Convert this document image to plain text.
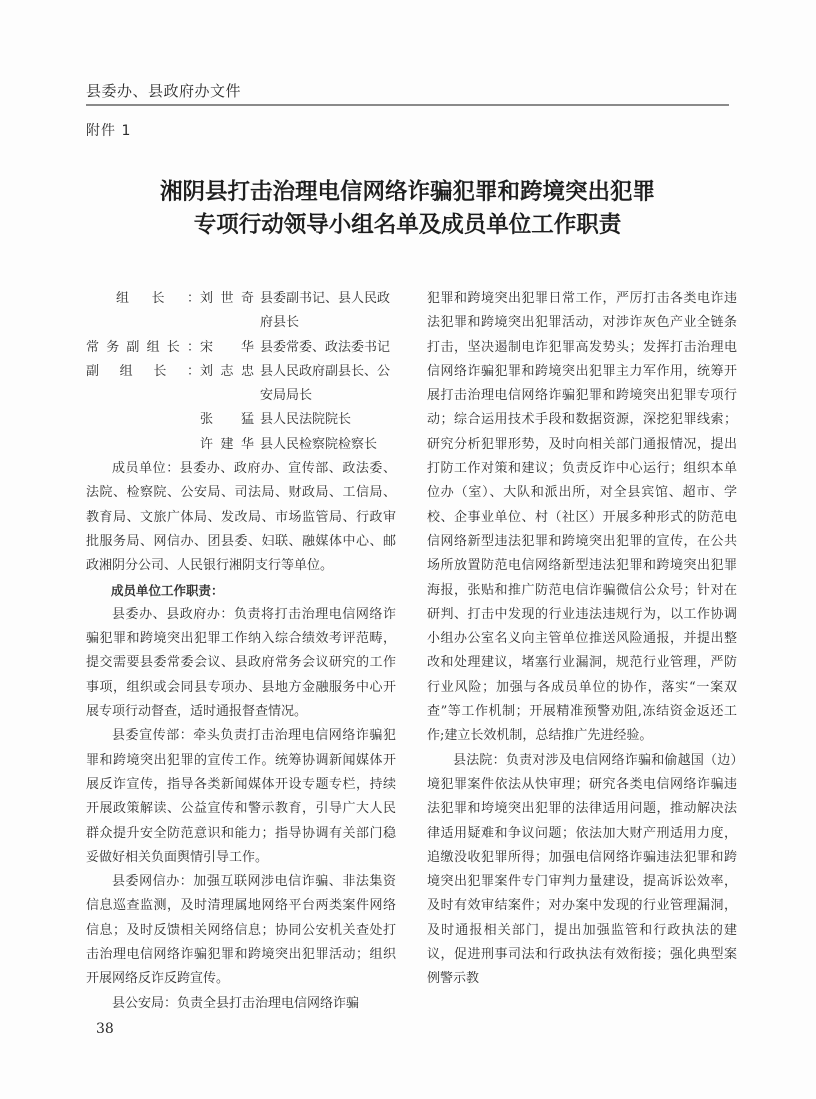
县委办、县政府办文件
附件 1
湘阴县打击治理电信网络诈骗犯罪和跨境突出犯罪
专项行动领导小组名单及成员单位工作职责
组长： 刘世奇 县委副书记、县人民政府县长
常务副组长： 宋华 县委常委、政法委书记
副组长： 刘志忠 县人民政府副县长、公安局局长
张猛 县人民法院院长
许建华 县人民检察院检察长

成员单位：县委办、政府办、宣传部、政法委、法院、检察院、公安局、司法局、财政局、工信局、教育局、文旅广体局、发改局、市场监管局、行政审批服务局、网信办、团县委、妇联、融媒体中心、邮政湘阴分公司、人民银行湘阴支行等单位。

成员单位工作职责：

县委办、县政府办：负责将打击治理电信网络诈骗犯罪和跨境突出犯罪工作纳入综合绩效考评范畴，提交需要县委常委会议、县政府常务会议研究的工作事项，组织或会同县专项办、县地方金融服务中心开展专项行动督查，适时通报督查情况。

县委宣传部：牵头负责打击治理电信网络诈骗犯罪和跨境突出犯罪的宣传工作。统筹协调新闻媒体开展反诈宣传，指导各类新闻媒体开设专题专栏，持续开展政策解读、公益宣传和警示教育，引导广大人民群众提升安全防范意识和能力；指导协调有关部门稳妥做好相关负面舆情引导工作。

县委网信办：加强互联网涉电信诈骗、非法集资信息巡查监测，及时清理属地网络平台两类案件网络信息；及时反馈相关网络信息；协同公安机关查处打击治理电信网络诈骗犯罪和跨境突出犯罪活动；组织开展网络反诈反跨宣传。

县公安局：负责全县打击治理电信网络诈骗

犯罪和跨境突出犯罪日常工作，严厉打击各类电诈违法犯罪和跨境突出犯罪活动，对涉诈灰色产业全链条打击，坚决遏制电诈犯罪高发势头；发挥打击治理电信网络诈骗犯罪和跨境突出犯罪主力军作用，统筹开展打击治理电信网络诈骗犯罪和跨境突出犯罪专项行动；综合运用技术手段和数据资源，深挖犯罪线索；研究分析犯罪形势，及时向相关部门通报情况，提出打防工作对策和建议；负责反诈中心运行；组织本单位办（室）、大队和派出所，对全县宾馆、超市、学校、企事业单位、村（社区）开展多种形式的防范电信网络新型违法犯罪和跨境突出犯罪的宣传，在公共场所放置防范电信网络新型违法犯罪和跨境突出犯罪海报，张贴和推广防范电信诈骗微信公众号；针对在研判、打击中发现的行业违法违规行为，以工作协调小组办公室名义向主管单位推送风险通报，并提出整改和处理建议，堵塞行业漏洞，规范行业管理，严防行业风险；加强与各成员单位的协作，落实“一案双查”等工作机制；开展精准预警劝阻,冻结资金返还工作;建立长效机制，总结推广先进经验。

县法院：负责对涉及电信网络诈骗和偷越国（边）境犯罪案件依法从快审理；研究各类电信网络诈骗违法犯罪和垮境突出犯罪的法律适用问题，推动解决法律适用疑难和争议问题；依法加大财产刑适用力度，追缴没收犯罪所得；加强电信网络诈骗违法犯罪和跨境突出犯罪案件专门审判力量建设，提高诉讼效率，及时有效审结案件；对办案中发现的行业管理漏洞，及时通报相关部门，提出加强监管和行政执法的建议，促进刑事司法和行政执法有效衔接；强化典型案例警示教

38
